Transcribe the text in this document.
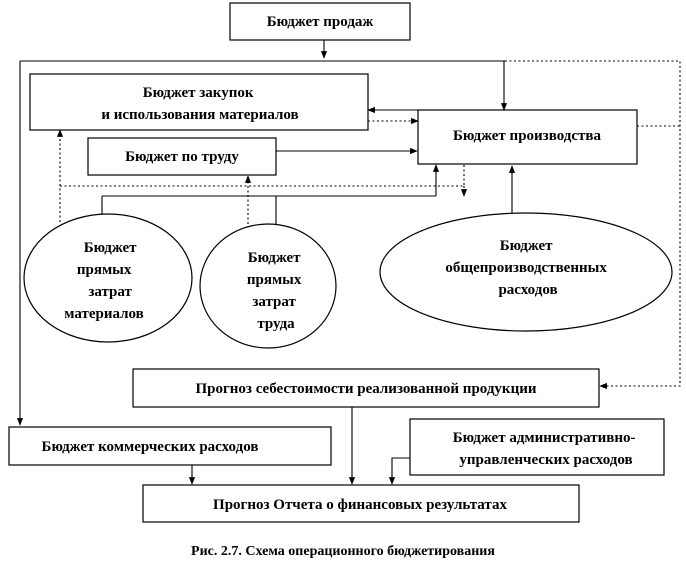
Бюджет продаж
Бюджет закупок и использования материалов
Бюджет по труду
Бюджет производства
Бюджет прямых затрат материалов
Бюджет прямых затрат труда
Бюджет общепроизводственных расходов
Прогноз себестоимости реализованной продукции
Бюджет коммерческих расходов
Бюджет административно- управленческих расходов
Прогноз Отчета о финансовых результатах
Рис. 2.7. Схема операционного бюджетирования
